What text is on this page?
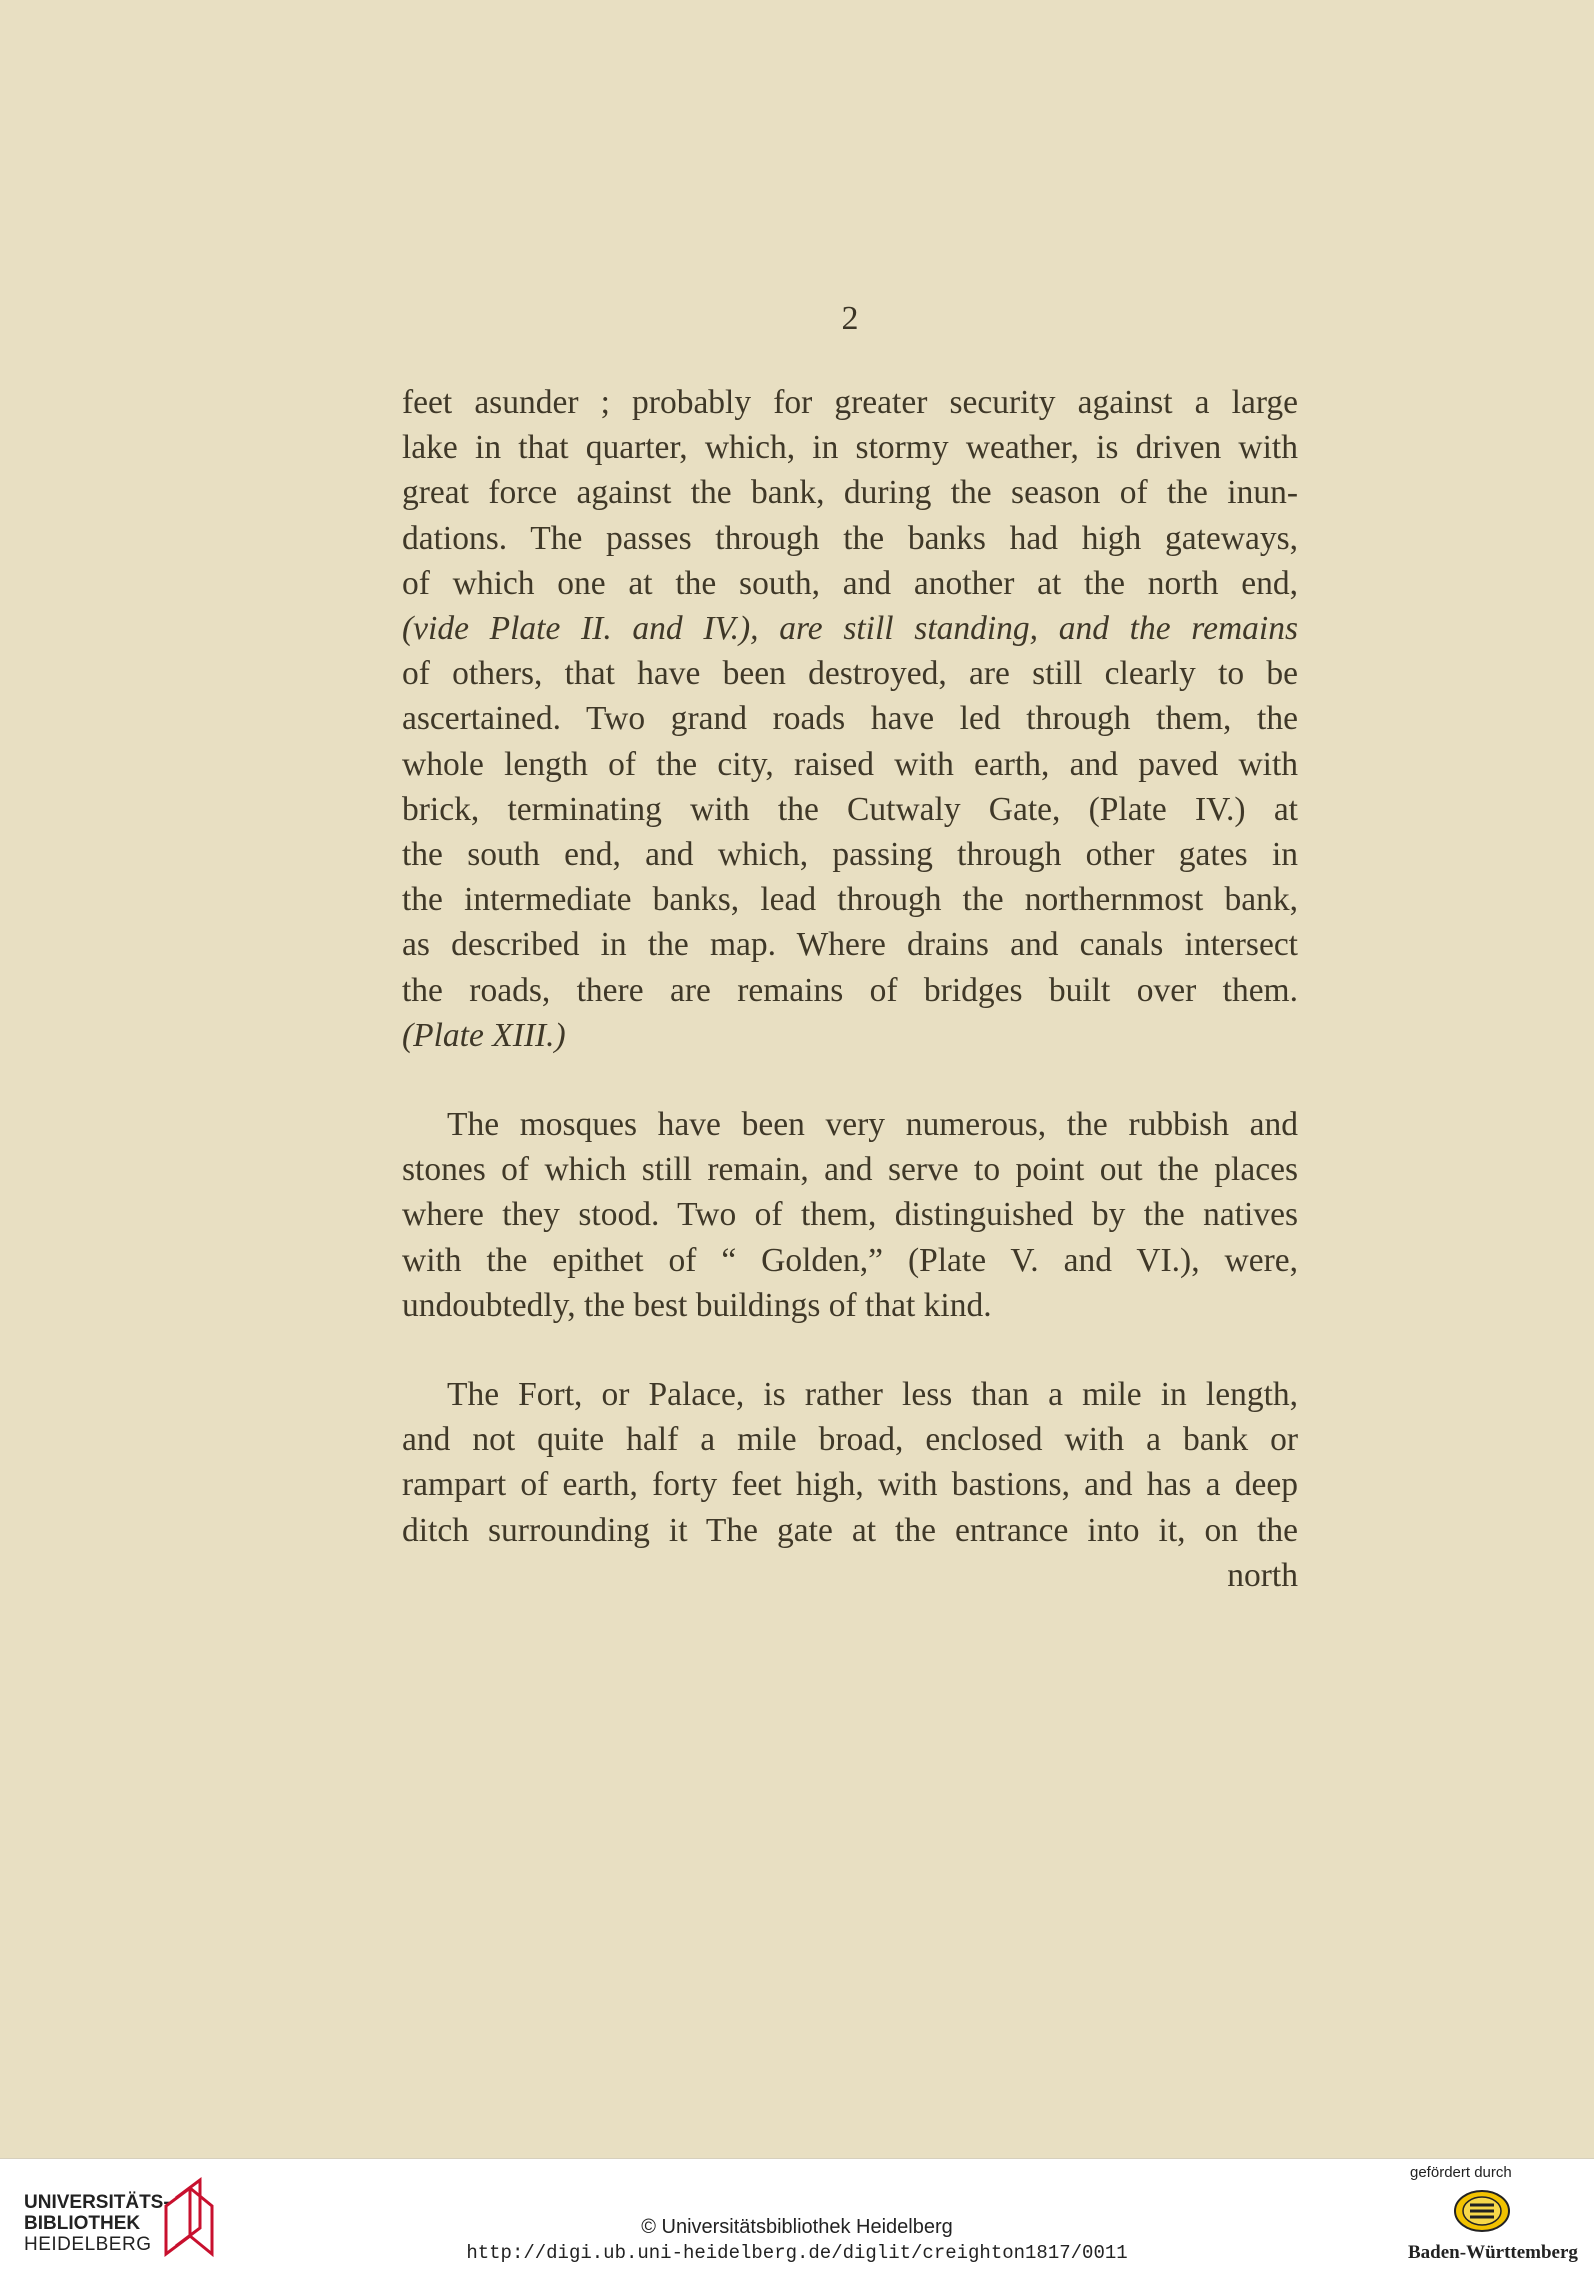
2
feet asunder ; probably for greater security against a large
lake in that quarter, which, in stormy weather, is driven with
great force against the bank, during the season of the inun-
dations. The passes through the banks had high gateways,
of which one at the south, and another at the north end,
(vide Plate II. and IV.), are still standing, and the remains
of others, that have been destroyed, are still clearly to be
ascertained. Two grand roads have led through them, the
whole length of the city, raised with earth, and paved with
brick, terminating with the Cutwaly Gate, (Plate IV.) at
the south end, and which, passing through other gates in
the intermediate banks, lead through the northernmost bank,
as described in the map. Where drains and canals intersect
the roads, there are remains of bridges built over them.
(Plate XIII.)
The mosques have been very numerous, the rubbish and
stones of which still remain, and serve to point out the places
where they stood. Two of them, distinguished by the natives
with the epithet of “ Golden,” (Plate V. and VI.), were,
undoubtedly, the best buildings of that kind.
The Fort, or Palace, is rather less than a mile in length,
and not quite half a mile broad, enclosed with a bank or
rampart of earth, forty feet high, with bastions, and has a deep
ditch surrounding it The gate at the entrance into it, on the
north
UNIVERSITÄTS-
BIBLIOTHEK
HEIDELBERG
© Universitätsbibliothek Heidelberg
http://digi.ub.uni-heidelberg.de/diglit/creighton1817/0011
gefördert durch
Baden-Württemberg
